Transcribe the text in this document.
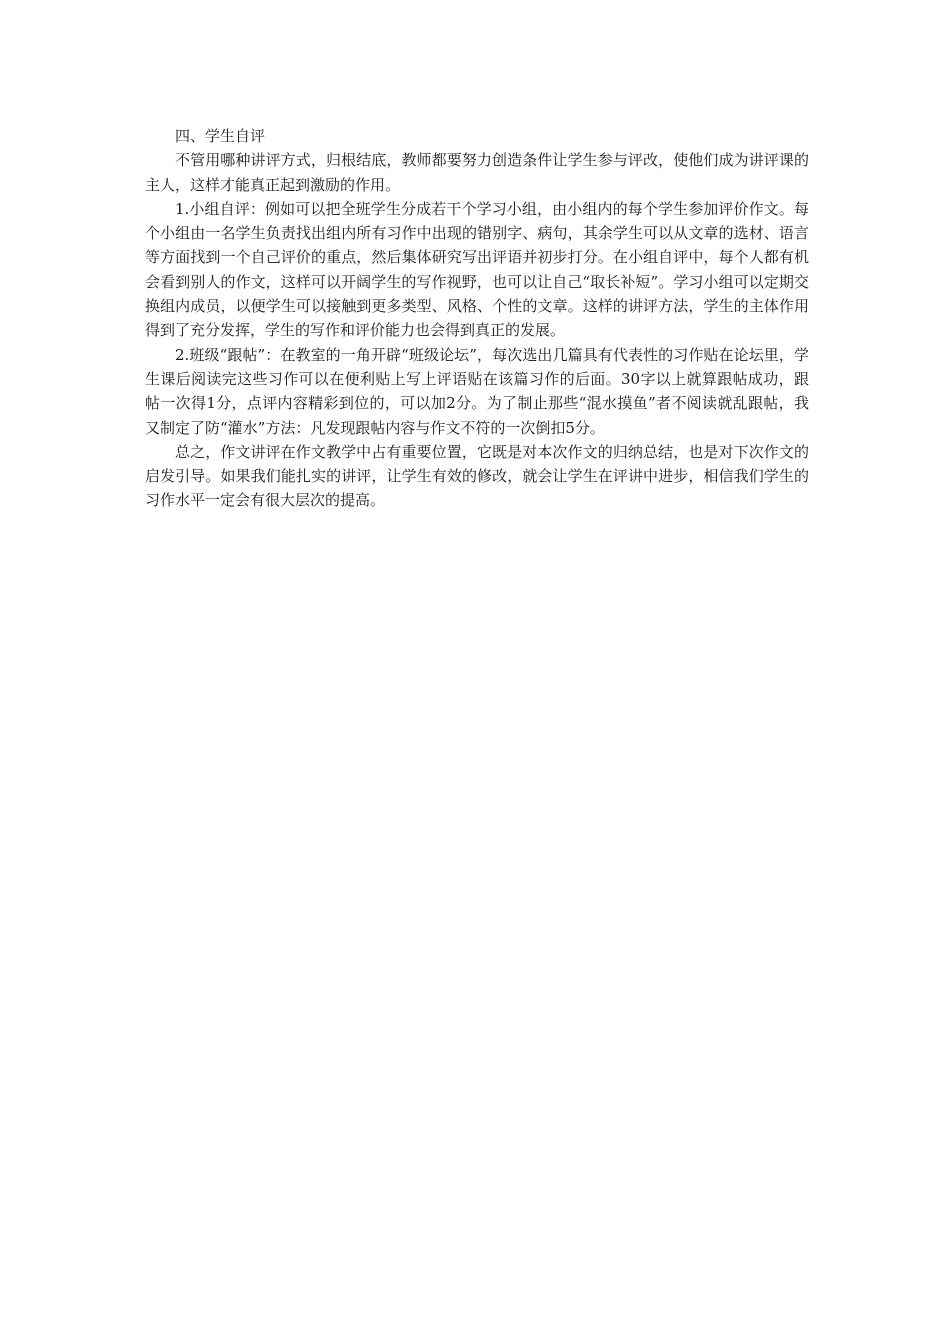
四、学生自评

不管用哪种讲评方式，归根结底，教师都要努力创造条件让学生参与评改，使他们成为讲评课的主人，这样才能真正起到激励的作用。

1.小组自评：例如可以把全班学生分成若干个学习小组，由小组内的每个学生参加评价作文。每个小组由一名学生负责找出组内所有习作中出现的错别字、病句，其余学生可以从文章的选材、语言等方面找到一个自己评价的重点，然后集体研究写出评语并初步打分。在小组自评中，每个人都有机会看到别人的作文，这样可以开阔学生的写作视野，也可以让自己“取长补短”。学习小组可以定期交换组内成员，以便学生可以接触到更多类型、风格、个性的文章。这样的讲评方法，学生的主体作用得到了充分发挥，学生的写作和评价能力也会得到真正的发展。

2.班级“跟帖”：在教室的一角开辟“班级论坛”，每次选出几篇具有代表性的习作贴在论坛里，学生课后阅读完这些习作可以在便利贴上写上评语贴在该篇习作的后面。30字以上就算跟帖成功，跟帖一次得1分，点评内容精彩到位的，可以加2分。为了制止那些“混水摸鱼”者不阅读就乱跟帖，我又制定了防“灌水”方法：凡发现跟帖内容与作文不符的一次倒扣5分。

总之，作文讲评在作文教学中占有重要位置，它既是对本次作文的归纳总结，也是对下次作文的启发引导。如果我们能扎实的讲评，让学生有效的修改，就会让学生在评讲中进步，相信我们学生的习作水平一定会有很大层次的提高。
